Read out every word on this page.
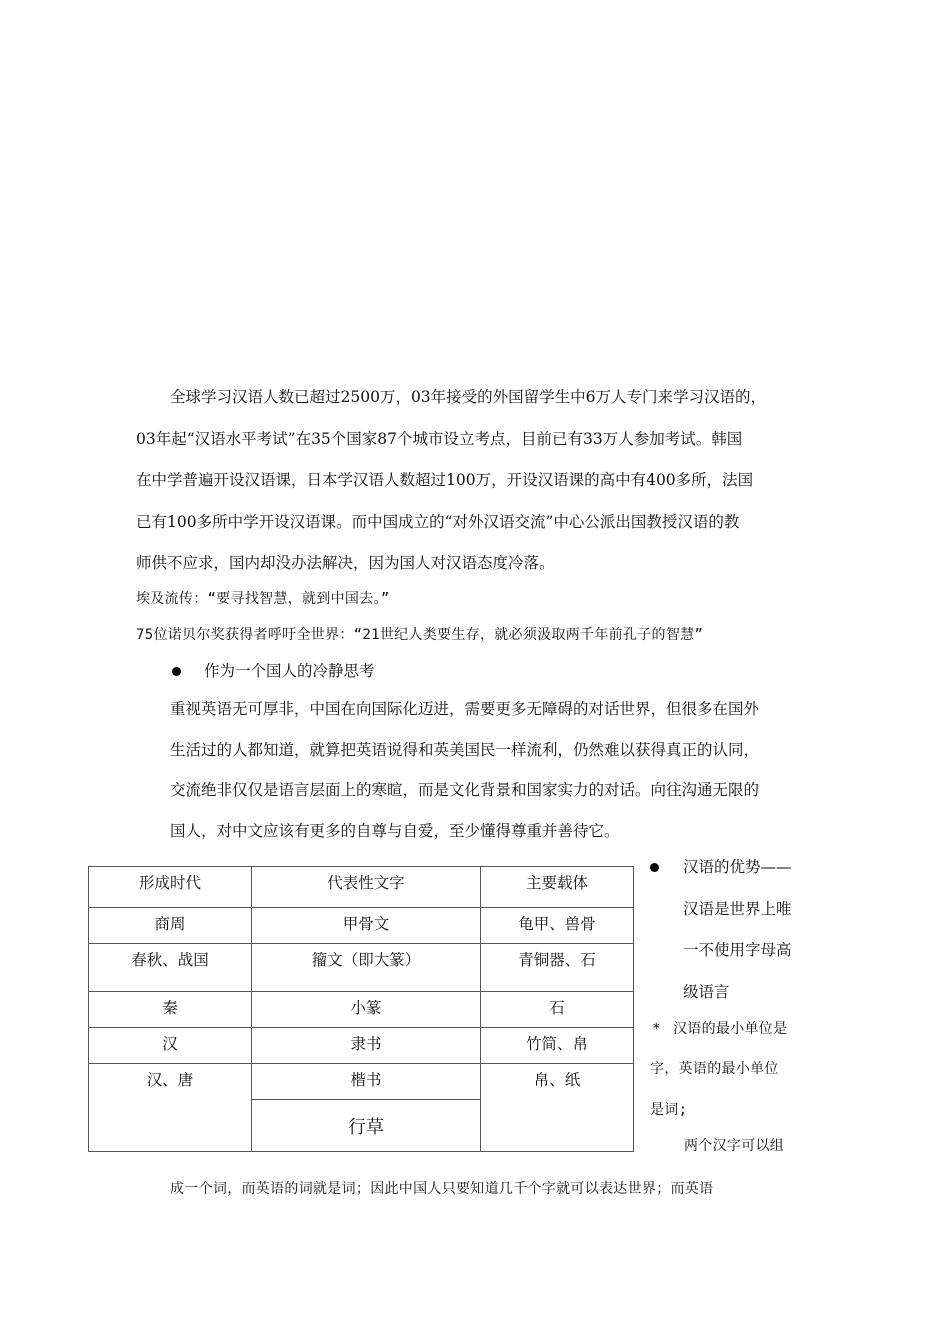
全球学习汉语人数已超过2500万，03年接受的外国留学生中6万人专门来学习汉语的，
03年起“汉语水平考试”在35个国家87个城市设立考点，目前已有33万人参加考试。韩国
在中学普遍开设汉语课，日本学汉语人数超过100万，开设汉语课的高中有400多所，法国
已有100多所中学开设汉语课。而中国成立的“对外汉语交流”中心公派出国教授汉语的教
师供不应求，国内却没办法解决，因为国人对汉语态度冷落。
埃及流传：“要寻找智慧，就到中国去。”
75位诺贝尔奖获得者呼吁全世界：“21世纪人类要生存，就必须汲取两千年前孔子的智慧”
作为一个国人的冷静思考
重视英语无可厚非，中国在向国际化迈进，需要更多无障碍的对话世界，但很多在国外
生活过的人都知道，就算把英语说得和英美国民一样流利，仍然难以获得真正的认同，
交流绝非仅仅是语言层面上的寒暄，而是文化背景和国家实力的对话。向往沟通无限的
国人，对中文应该有更多的自尊与自爱，至少懂得尊重并善待它。
形成时代	代表性文字	主要载体
商周	甲骨文	龟甲、兽骨
春秋、战国	籀文（即大篆）	青铜器、石
秦	小篆	石
汉	隶书	竹简、帛
汉、唐	楷书	帛、纸
	行草	
汉语的优势——
汉语是世界上唯
一不使用字母高
级语言
* 汉语的最小单位是
字，英语的最小单位
是词;
两个汉字可以组
成一个词，而英语的词就是词；因此中国人只要知道几千个字就可以表达世界；而英语
